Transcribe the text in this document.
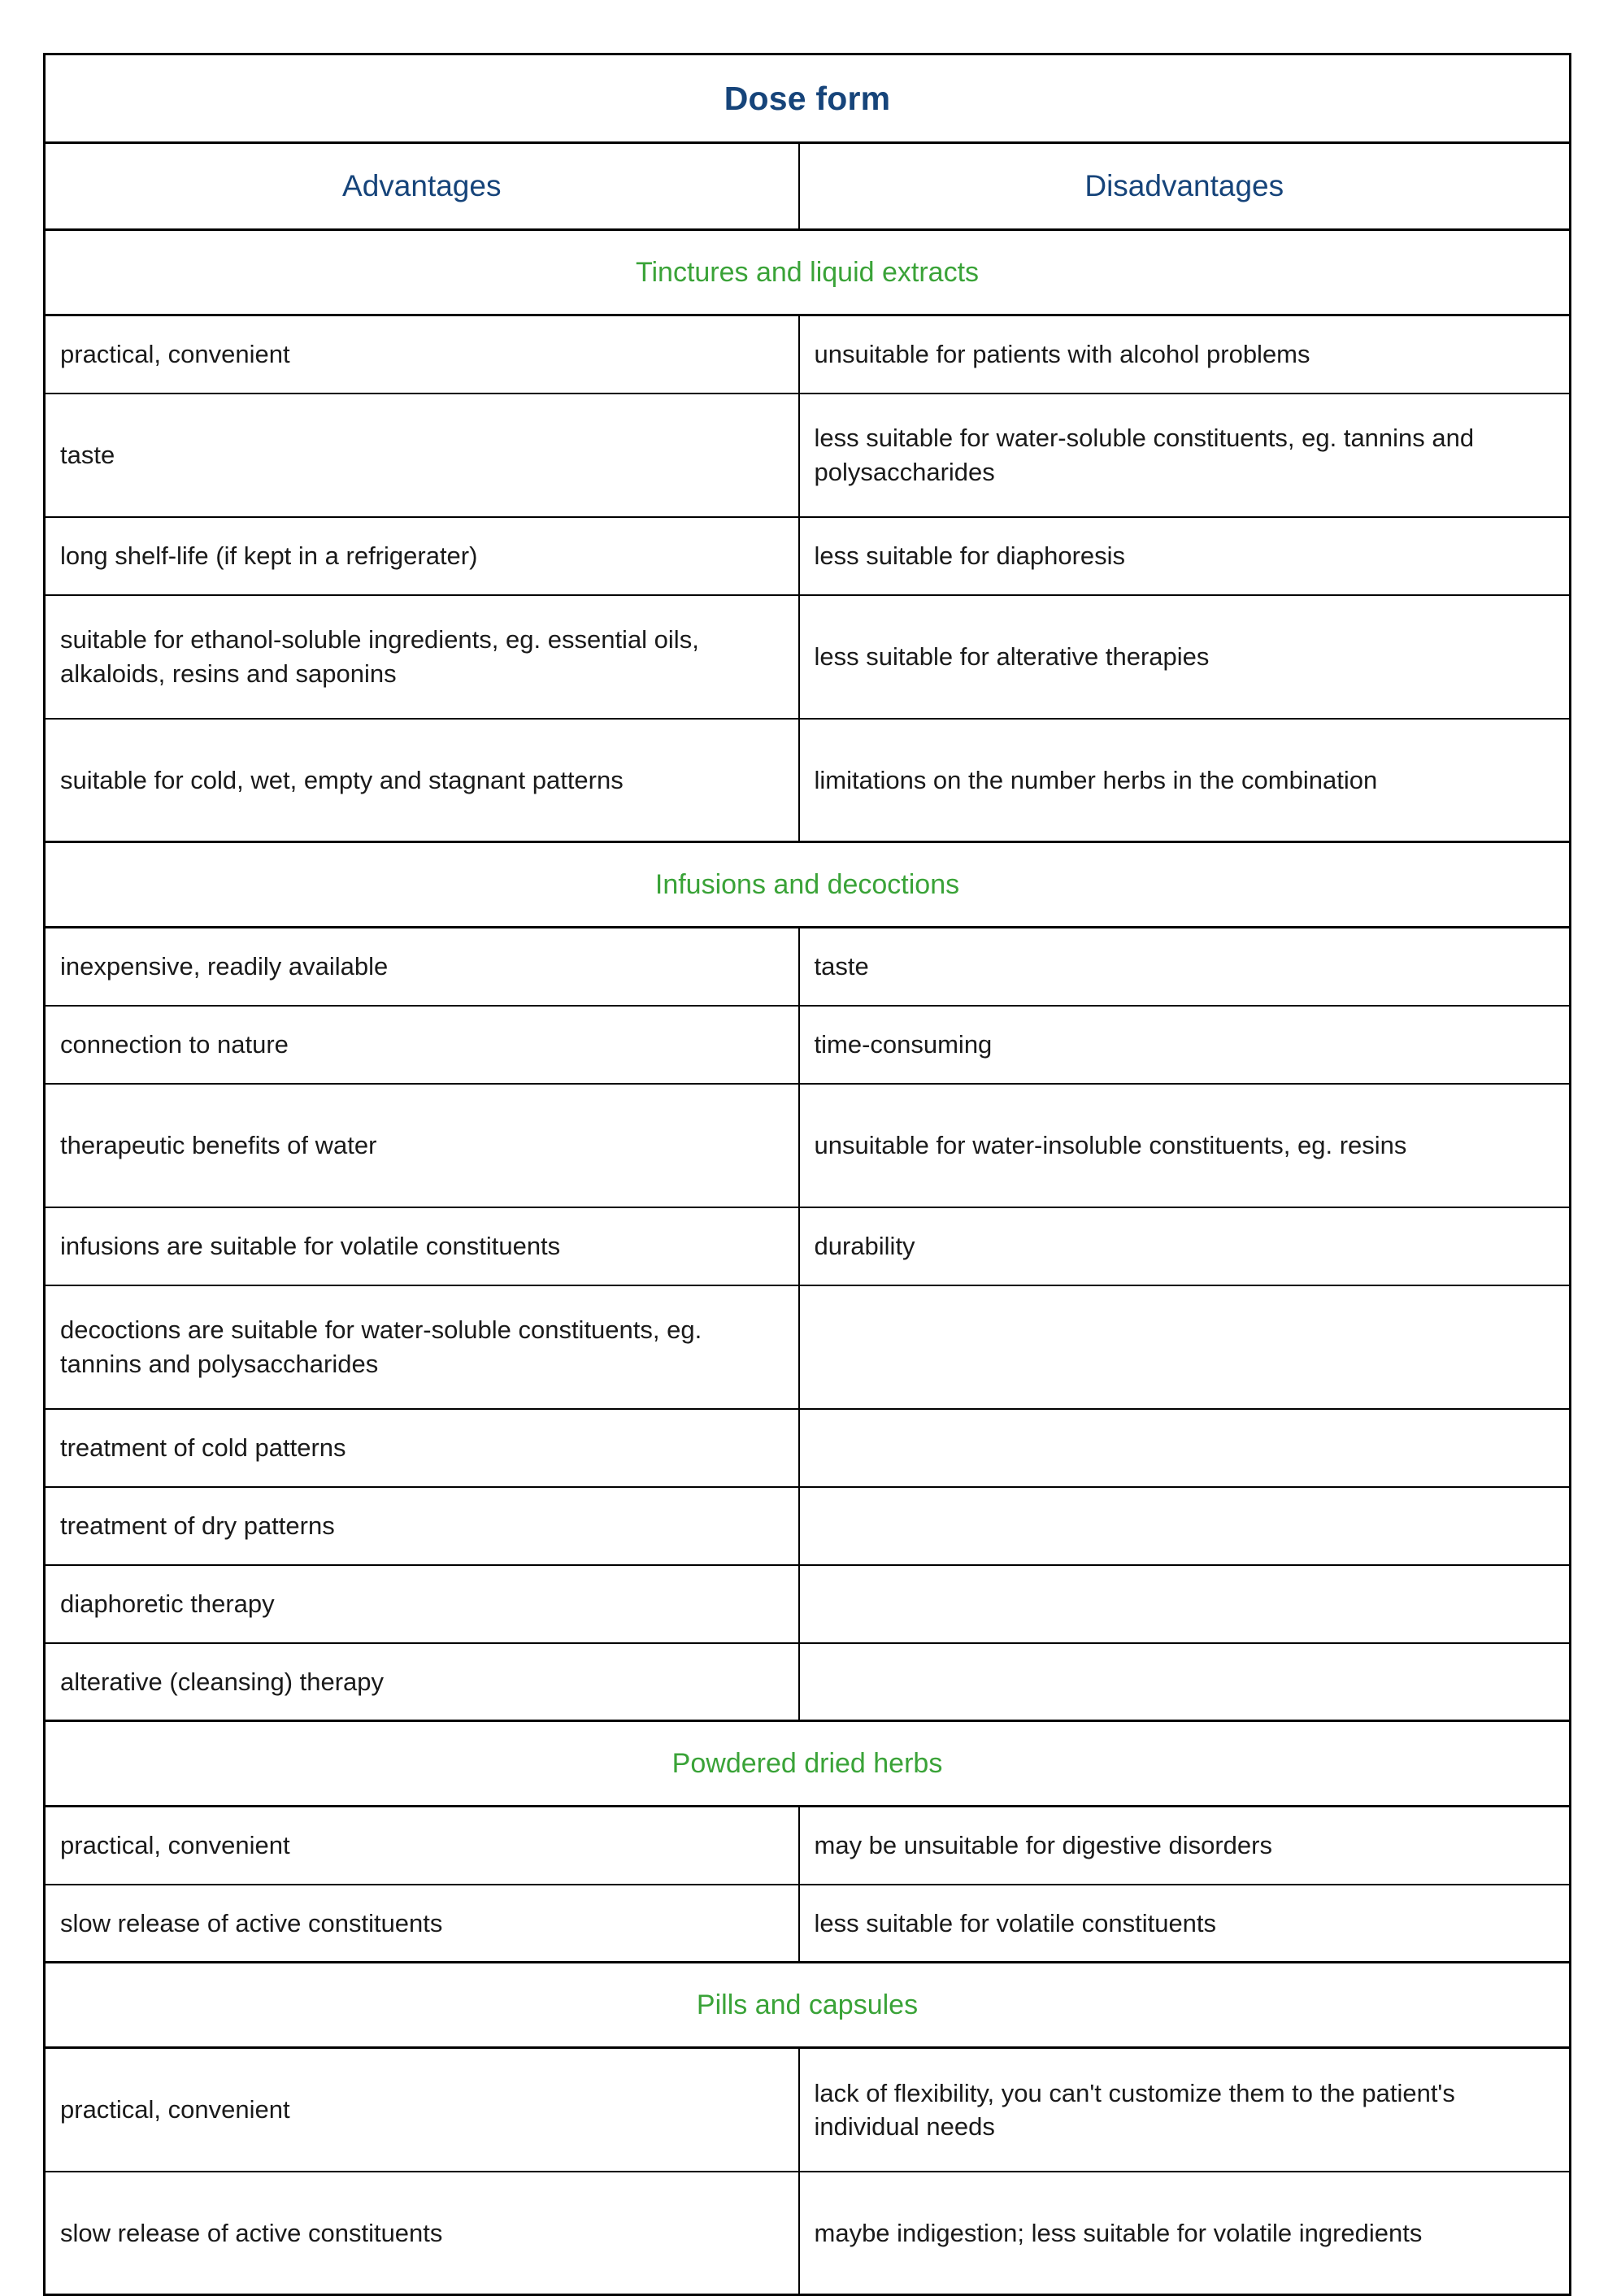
Dose form	
Advantages	Disadvantages
Tinctures and liquid extracts	

practical, convenient	unsuitable for patients with alcohol problems

taste	less suitable for water-soluble constituents, eg. tannins and polysaccharides

long shelf-life (if kept in a refrigerater)	less suitable for diaphoresis

suitable for ethanol-soluble ingredients, eg. essential oils, alkaloids, resins and saponins	less suitable for alterative therapies

suitable for cold, wet, empty and stagnant patterns	limitations on the number herbs in the combination

Infusions and decoctions	

inexpensive, readily available	taste

connection to nature	time-consuming

therapeutic benefits of water	unsuitable for water-insoluble constituents, eg. resins

infusions are suitable for volatile constituents	durability

decoctions are suitable for water-soluble constituents, eg. tannins and polysaccharides	

treatment of cold patterns	

treatment of dry patterns	

diaphoretic therapy	

alterative (cleansing) therapy	

Powdered dried herbs	

practical, convenient	may be unsuitable for digestive disorders

slow release of active constituents	less suitable for volatile constituents

Pills and capsules	

practical, convenient	lack of flexibility, you can't customize them to the patient's individual needs

slow release of active constituents	maybe indigestion; less suitable for volatile ingredients
